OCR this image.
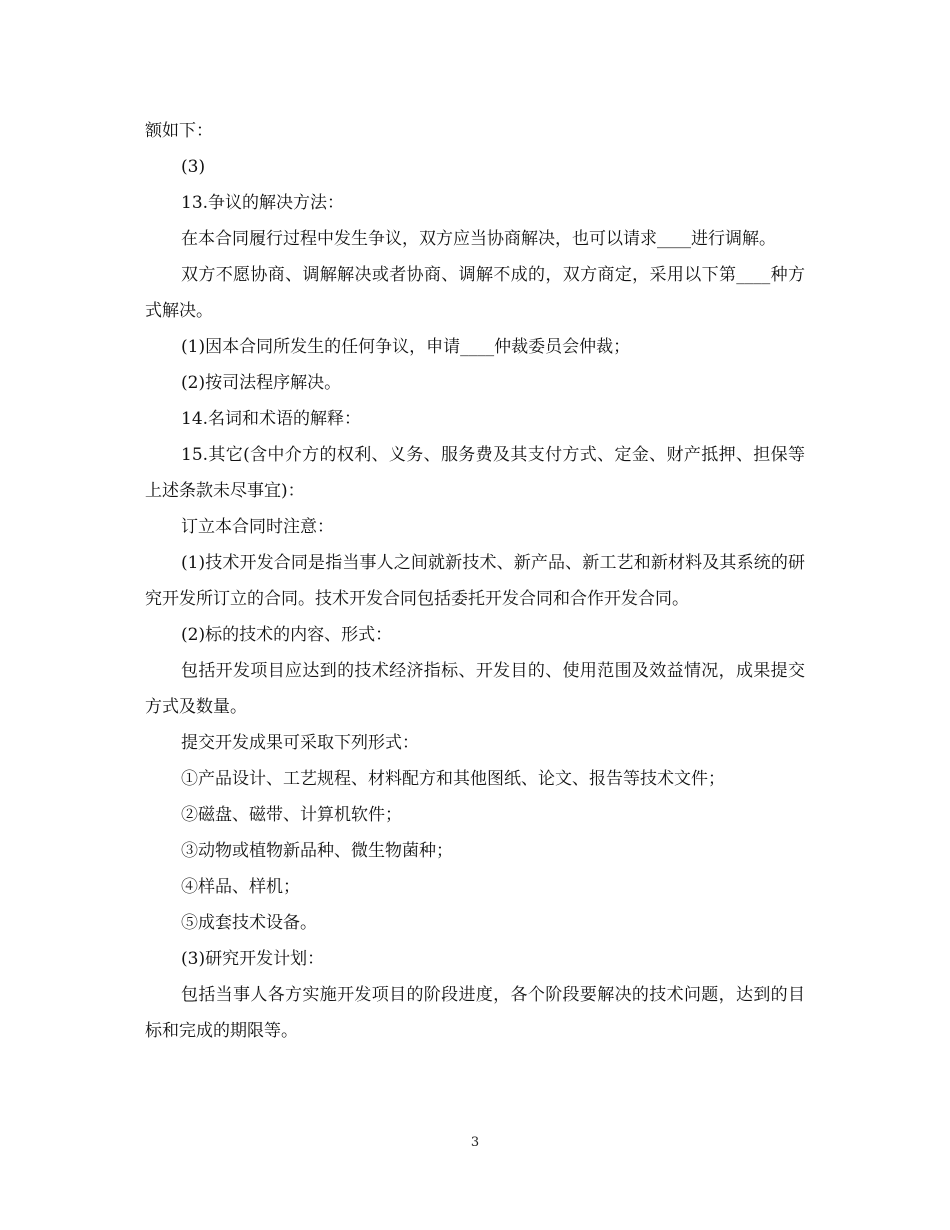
额如下：

(3)

13.争议的解决方法：

在本合同履行过程中发生争议，双方应当协商解决，也可以请求____进行调解。

双方不愿协商、调解解决或者协商、调解不成的，双方商定，采用以下第____种方式解决。

(1)因本合同所发生的任何争议，申请____仲裁委员会仲裁；

(2)按司法程序解决。

14.名词和术语的解释：

15.其它(含中介方的权利、义务、服务费及其支付方式、定金、财产抵押、担保等上述条款未尽事宜)：

订立本合同时注意：

(1)技术开发合同是指当事人之间就新技术、新产品、新工艺和新材料及其系统的研究开发所订立的合同。技术开发合同包括委托开发合同和合作开发合同。

(2)标的技术的内容、形式：

包括开发项目应达到的技术经济指标、开发目的、使用范围及效益情况，成果提交方式及数量。

提交开发成果可采取下列形式：

①产品设计、工艺规程、材料配方和其他图纸、论文、报告等技术文件；

②磁盘、磁带、计算机软件；

③动物或植物新品种、微生物菌种；

④样品、样机；

⑤成套技术设备。

(3)研究开发计划：

包括当事人各方实施开发项目的阶段进度，各个阶段要解决的技术问题，达到的目标和完成的期限等。

3
